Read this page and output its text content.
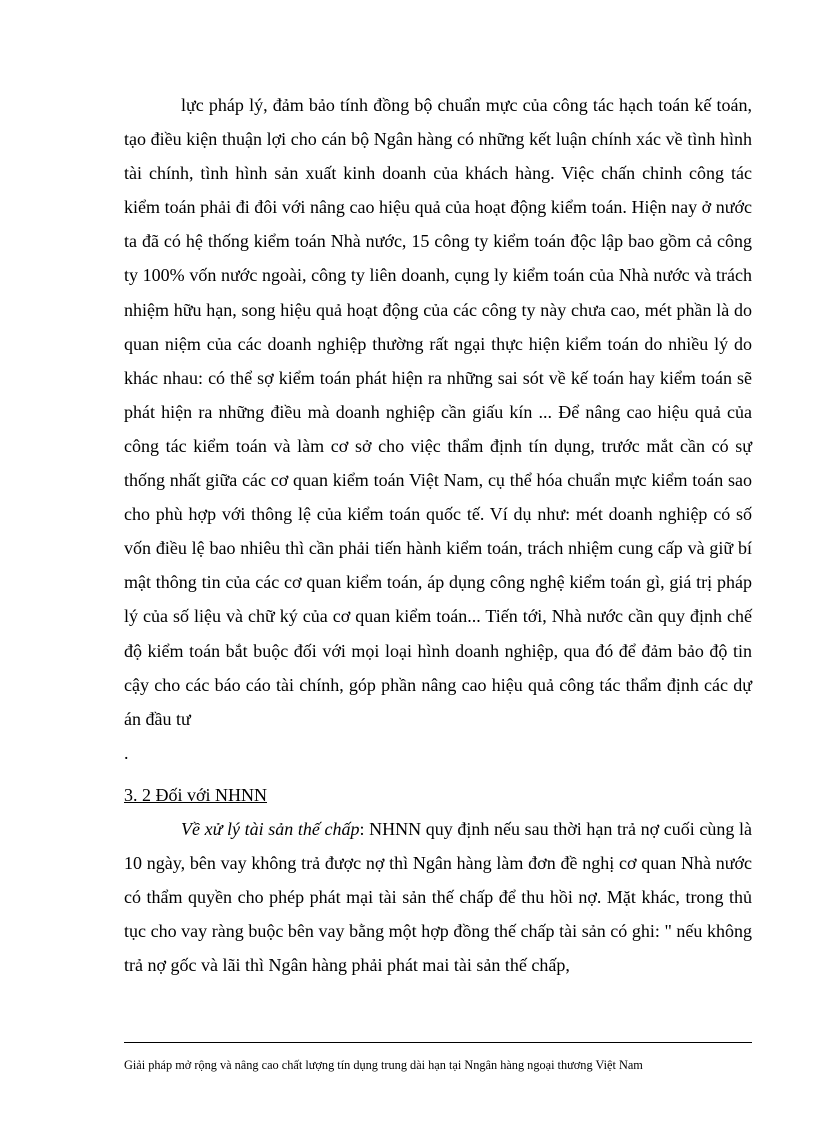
lực pháp lý, đảm bảo tính đồng bộ chuẩn mực của công tác hạch toán kế toán, tạo điều kiện thuận lợi cho cán bộ Ngân hàng có những kết luận chính xác về tình hình tài chính, tình hình sản xuất kinh doanh của khách hàng. Việc chấn chỉnh công tác kiểm toán phải đi đôi với nâng cao hiệu quả của hoạt động kiểm toán. Hiện nay ở nước ta đã có hệ thống kiểm toán Nhà nước, 15 công ty kiểm toán độc lập bao gồm cả công ty 100% vốn nước ngoài, công ty liên doanh, cụng ly kiểm toán của Nhà nước và trách nhiệm hữu hạn, song hiệu quả hoạt động của các công ty này chưa cao, mét phần là do quan niệm của các doanh nghiệp thường rất ngại thực hiện kiểm toán do nhiều lý do khác nhau: có thể sợ kiểm toán phát hiện ra những sai sót về kế toán hay kiểm toán sẽ phát hiện ra những điều mà doanh nghiệp cần giấu kín ... Để nâng cao hiệu quả của công tác kiểm toán và làm cơ sở cho việc thẩm định tín dụng, trước mắt cần có sự thống nhất giữa các cơ quan kiểm toán Việt Nam, cụ thể hóa chuẩn mực kiểm toán sao cho phù hợp với thông lệ của kiểm toán quốc tế. Ví dụ như: mét doanh nghiệp có số vốn điều lệ bao nhiêu thì cần phải tiến hành kiểm toán, trách nhiệm cung cấp và giữ bí mật thông tin của các cơ quan kiểm toán, áp dụng công nghệ kiểm toán gì, giá trị pháp lý của số liệu và chữ ký của cơ quan kiểm toán... Tiến tới, Nhà nước cần quy định chế độ kiểm toán bắt buộc đối với mọi loại hình doanh nghiệp, qua đó để đảm bảo độ tin cậy cho các báo cáo tài chính, góp phần nâng cao hiệu quả công tác thẩm định các dự án đầu tư

.

3. 2 Đối với NHNN

Về xử lý tài sản thế chấp: NHNN quy định nếu sau thời hạn trả nợ cuối cùng là 10 ngày, bên vay không trả được nợ thì Ngân hàng làm đơn đề nghị cơ quan Nhà nước có thẩm quyền cho phép phát mại tài sản thế chấp để thu hồi nợ. Mặt khác, trong thủ tục cho vay ràng buộc bên vay bằng một hợp đồng thế chấp tài sản có ghi: " nếu không trả nợ gốc và lãi thì Ngân hàng phải phát mai tài sản thế chấp,

Giải pháp mở rộng và nâng cao chất lượng tín dụng trung dài hạn tại Nngân hàng ngoại thương Việt Nam
